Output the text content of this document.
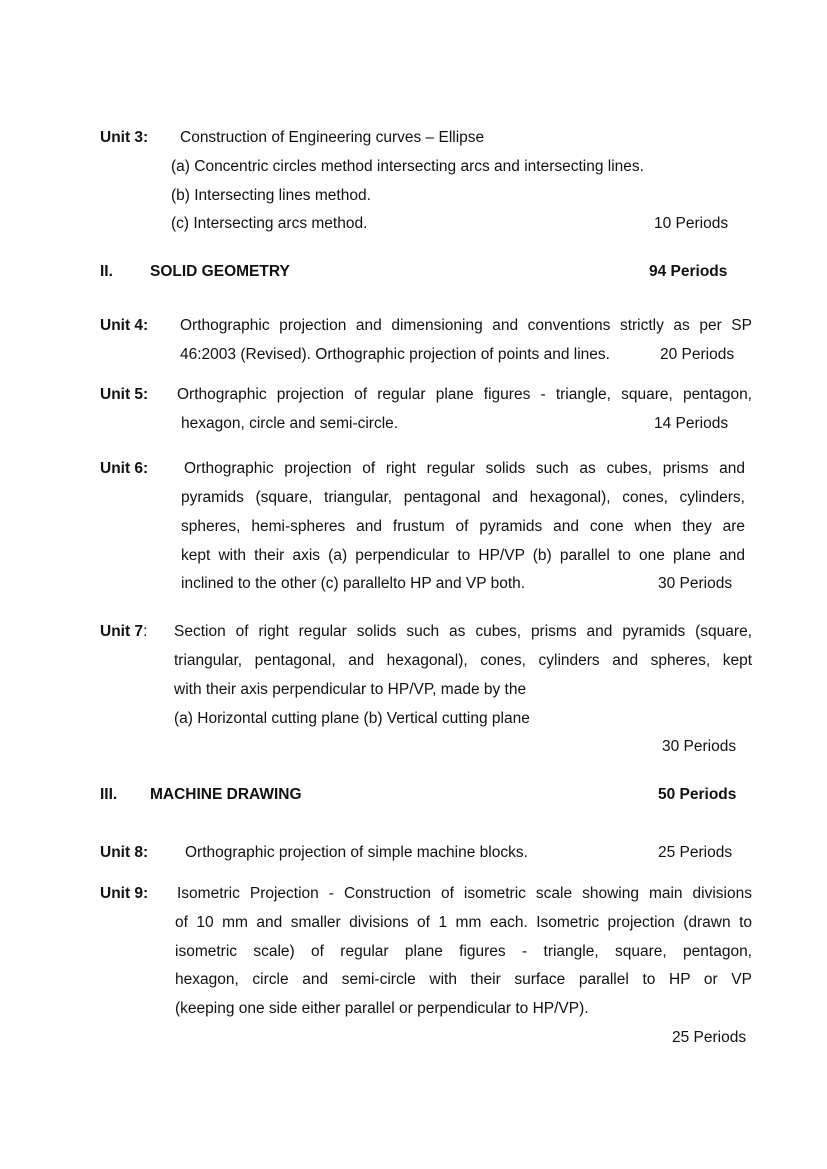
Unit 3: Construction of Engineering curves – Ellipse
(a) Concentric circles method intersecting arcs and intersecting lines.
(b) Intersecting lines method.
(c) Intersecting arcs method.	10 Periods
II. SOLID GEOMETRY	94 Periods
Unit 4: Orthographic projection and dimensioning and conventions strictly as per SP
46:2003 (Revised). Orthographic projection of points and lines.	20 Periods
Unit 5: Orthographic projection of regular plane figures - triangle, square, pentagon,
hexagon, circle and semi-circle.	14 Periods
Unit 6: Orthographic projection of right regular solids such as cubes, prisms and
pyramids (square, triangular, pentagonal and hexagonal), cones, cylinders,
spheres, hemi-spheres and frustum of pyramids and cone when they are
kept with their axis (a) perpendicular to HP/VP (b) parallel to one plane and
inclined to the other (c) parallelto HP and VP both.	30 Periods
Unit 7: Section of right regular solids such as cubes, prisms and pyramids (square,
triangular, pentagonal, and hexagonal), cones, cylinders and spheres, kept
with their axis perpendicular to HP/VP, made by the
(a) Horizontal cutting plane (b) Vertical cutting plane
30 Periods
III. MACHINE DRAWING	50 Periods
Unit 8: Orthographic projection of simple machine blocks.	25 Periods
Unit 9: Isometric Projection - Construction of isometric scale showing main divisions
of 10 mm and smaller divisions of 1 mm each. Isometric projection (drawn to
isometric scale) of regular plane figures - triangle, square, pentagon,
hexagon, circle and semi-circle with their surface parallel to HP or VP
(keeping one side either parallel or perpendicular to HP/VP).
25 Periods
